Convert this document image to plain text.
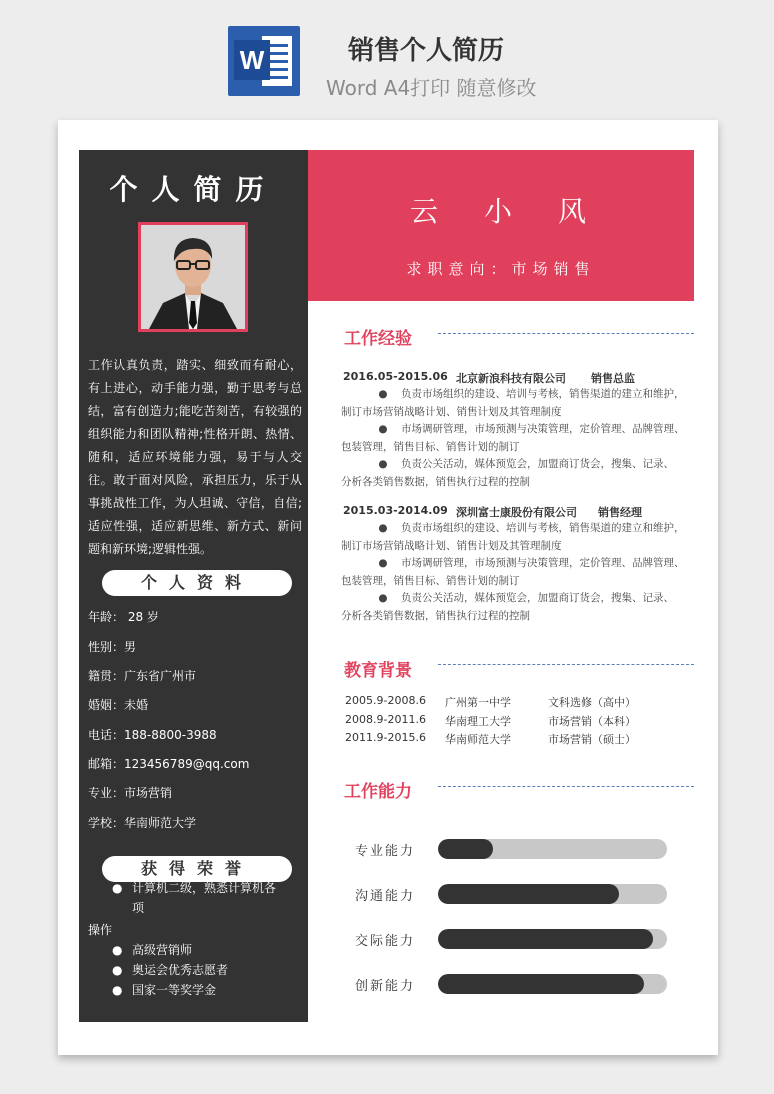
W	销售个人简历
Word A4打印 随意修改
个人简历
工作认真负责，踏实、细致而有耐心，有上进心，动手能力强，勤于思考与总结，富有创造力;能吃苦刻苦，有较强的组织能力和团队精神;性格开朗、热情、随和，适应环境能力强，易于与人交往。敢于面对风险，承担压力，乐于从事挑战性工作，为人坦诚、守信，自信;适应性强，适应新思维、新方式、新问题和新环境;逻辑性强。
个人资料
年龄： 28 岁
性别：男
籍贯：广东省广州市
婚姻：未婚
电话：188-8800-3988
邮箱：123456789@qq.com
专业：市场营销
学校：华南师范大学
获得荣誉
● 计算机二级，熟悉计算机各项
操作
● 高级营销师
● 奥运会优秀志愿者
● 国家一等奖学金
云小风
求职意向：市场销售
工作经验
2016.05-2015.06 北京新浪科技有限公司 销售总监
● 负责市场组织的建设、培训与考核，销售渠道的建立和维护，
制订市场营销战略计划、销售计划及其管理制度
● 市场调研管理，市场预测与决策管理，定价管理、品牌管理、
包装管理，销售目标、销售计划的制订
● 负责公关活动，媒体预览会，加盟商订货会，搜集、记录、
分析各类销售数据，销售执行过程的控制
2015.03-2014.09 深圳富士康股份有限公司 销售经理
● 负责市场组织的建设、培训与考核，销售渠道的建立和维护，
制订市场营销战略计划、销售计划及其管理制度
● 市场调研管理，市场预测与决策管理，定价管理、品牌管理、
包装管理，销售目标、销售计划的制订
● 负责公关活动，媒体预览会，加盟商订货会，搜集、记录、
分析各类销售数据，销售执行过程的控制
教育背景
2005.9-2008.6 广州第一中学	文科选修（高中）
2008.9-2011.6 华南理工大学	市场营销（本科）
2011.9-2015.6 华南师范大学	市场营销（硕士）
工作能力
专业能力
沟通能力
交际能力
创新能力
